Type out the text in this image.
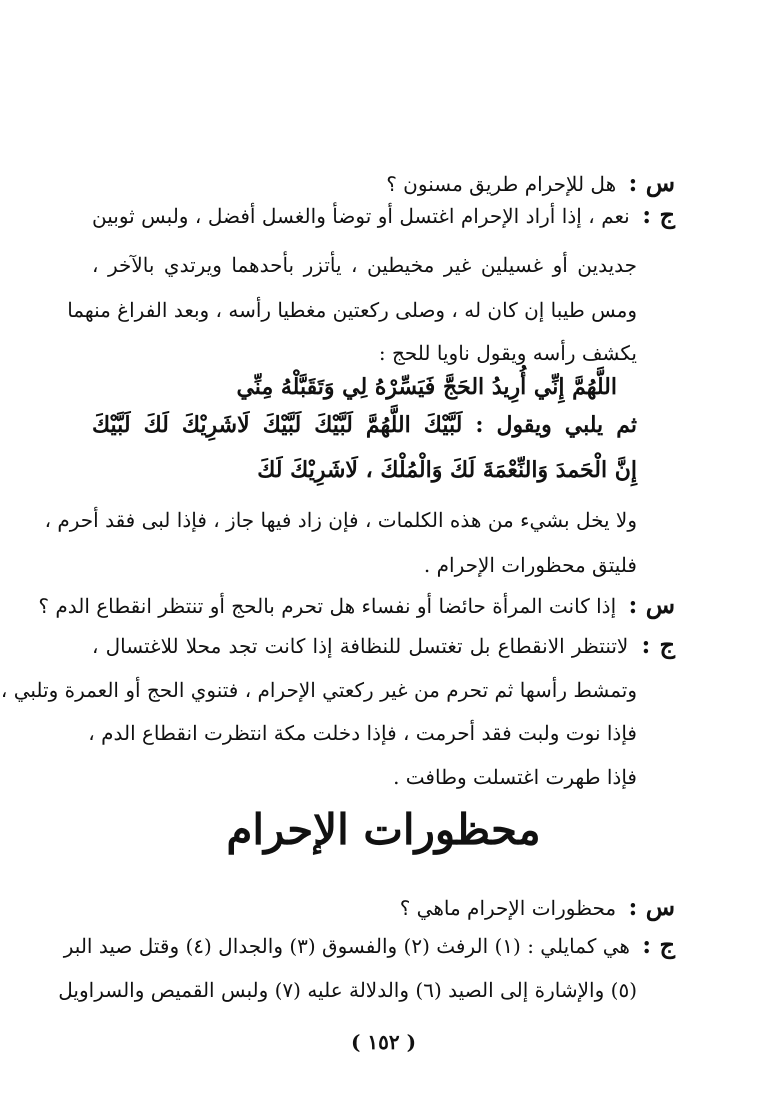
س : هل للإحرام طريق مسنون ؟
ج : نعم ، إذا أراد الإحرام اغتسل أو توضأ والغسل أفضل ، ولبس ثوبين
جديدين أو غسيلين غير مخيطين ، يأتزر بأحدهما ويرتدي بالآخر ،
ومس طيبا إن كان له ، وصلى ركعتين مغطيا رأسه ، وبعد الفراغ منهما
يكشف رأسه ويقول ناويا للحج :
اللَّهُمَّ إِنِّي أُرِيدُ الحَجَّ فَيَسِّرْهُ لِي وَتَقَبَّلْهُ مِنِّي
ثم يلبي ويقول : لَبَّيْكَ اللَّهُمَّ لَبَّيْكَ لَبَّيْكَ لَاشَرِيْكَ لَكَ لَبَّيْكَ
إِنَّ الْحَمدَ وَالنِّعْمَةَ لَكَ وَالْمُلْكَ ، لَاشَرِيْكَ لَكَ
ولا يخل بشيء من هذه الكلمات ، فإن زاد فيها جاز ، فإذا لبى فقد أحرم ،
فليتق محظورات الإحرام .
س : إذا كانت المرأة حائضا أو نفساء هل تحرم بالحج أو تنتظر انقطاع الدم ؟
ج : لاتنتظر الانقطاع بل تغتسل للنظافة إذا كانت تجد محلا للاغتسال ،
وتمشط رأسها ثم تحرم من غير ركعتي الإحرام ، فتنوي الحج أو العمرة وتلبي ،
فإذا نوت ولبت فقد أحرمت ، فإذا دخلت مكة انتظرت انقطاع الدم ،
فإذا طهرت اغتسلت وطافت .
محظورات الإحرام
س : محظورات الإحرام ماهي ؟
ج : هي كمايلي : (١) الرفث (٢) والفسوق (٣) والجدال (٤) وقتل صيد البر
(٥) والإشارة إلى الصيد (٦) والدلالة عليه (٧) ولبس القميص والسراويل
( ١٥٢ )
